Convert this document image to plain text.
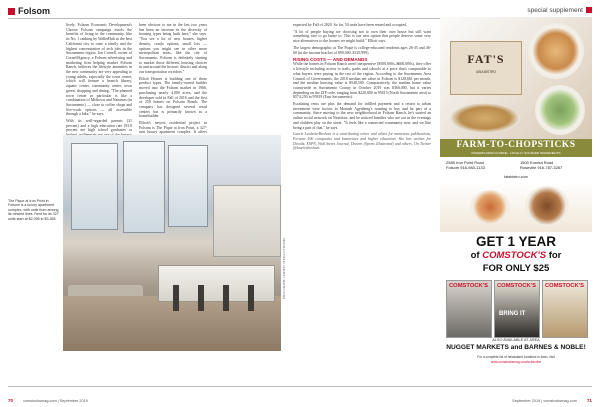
Folsom	special supplement

lively. Folsom Economic Development's Choose Folsom campaign extols the benefits of living in the community, like its No. 1 ranking by WalletHub as the best California city to raise a family and the highest concentration of tech jobs in the Sacramento region. Jon Cornell, owner of CornellAgency, a Folsom advertising and marketing firm helping market Folsom Ranch, believes the lifestyle amenities in the new community are very appealing to young adults, especially the town center, which will feature a branch library, aquatic center, community center, town green, shopping and dining. "The planned town center in particular is like a combination of Midtown and Natomas (in Sacramento) — close to coffee shops and live-work options — all accessible through a bike," he says.

With its well-regarded parents (31 percent) and a high education rate (93.8 percent are high school graduates or

been obvious to me in the last two years has been an increase in the diversity of housing types being built here," she says. "You see a lot of new houses, higher density, condo options, small lots — options you might see in other more metropolitan areas, like the city of Sacramento. Folsom is definitely starting to market those different housing choices in and around the historic district and along our transportation corridors."

Elliott Homes is building one of those product types. The family-owned builder moved into the Folsom market in 1966, purchasing nearly 4,000 acres, and the developer sold in Fall of 2016 and the first of 250 homes on Folsom Ranch. The company has designed several retail centers but is primarily known as a homebuilder.

Elliott's newest residential project in Folsom is The Pique at Iron Point, a 327-unit luxury apartment complex. It offers

The Pique at Iron Point in Folsom is a luxury apartment complex, with units from among its newest lines. Rent for its 327 units start at $2,095 to $3,365.
PHOTOGRAPH COURTESY OF ELLIOTT HOMES

expected by Fall of 2020. So far, 50 units have been rented and occupied.

"A lot of people buying are choosing not to own their own house but still want something nice to go home to. This is our new option that people deserve some very nice alternatives to the houses we might build," Elliott says.

The largest demographic at The Pique is college-educated residents ages 26-35 and 46-60 (in the income bracket of $90,000–$129,999).

RISING COSTS — AND DEMANDS

While the homes in Folsom Ranch aren't inexpensive ($500,000s–$600,000s), they offer a lifestyle including access to trails, parks and schools at a price that's comparable to what buyers were paying in the rest of the region. According to the Sacramento Area Council of Governments, the 2018 median net value in Folsom is $128,661 per month, and the median housing value is $548,500. Comparatively, the median home value countywide in Sacramento County in October 2019 was $360,000, but it varies depending on the ZIP code, ranging from $220,000 in 95815 (North Sacramento area) to $574,250 in 95819 (East Sacramento).

Escalating rents are plus the demand for infilled payment and a return to urban investment were factors in Monash Agyabeng's wanting to buy and be part of a community. Since moving to the new neighborhood in Folsom Ranch, he's started an online social network on Nextdoor, and he noticed families who are out in the evenings and children play on the street. "It feels like a connected community now, and we like being a part of that," he says.

Laurie Lauletta-Boshart is a contributing writer and editor for numerous publications, Fortune 500 companies and businesses and higher education. She has written for Details, ESPN, Wall Street Journal, Dezeen (Sports Illustrated) and others. On Twitter @lauriesboshart.

FAT'S
ASIA BISTRO
FARM-TO-CHOPSTICKS
MODERN ASIAN CUISINE · LOCALLY SOURCED INGREDIENTS
2585 Iron Point Road
Folsom 916-983-1133
1500 Eureka Road
Roseville 916-787-3287
fatsbistro.com
GET 1 YEAR
of COMSTOCK'S for
FOR ONLY $25
COMSTOCK'S COMSTOCK'S
BRING IT
COMSTOCK'S
ALSO AVAILABLE AT AREA
NUGGET MARKETS and BARNES & NOBLE!
For a complete list of newsstand locations in town, visit
www.comstocksmag.com/subscribe
70	comstocksmag.com | September 2019	September 2019 | comstocksmag.com 71
